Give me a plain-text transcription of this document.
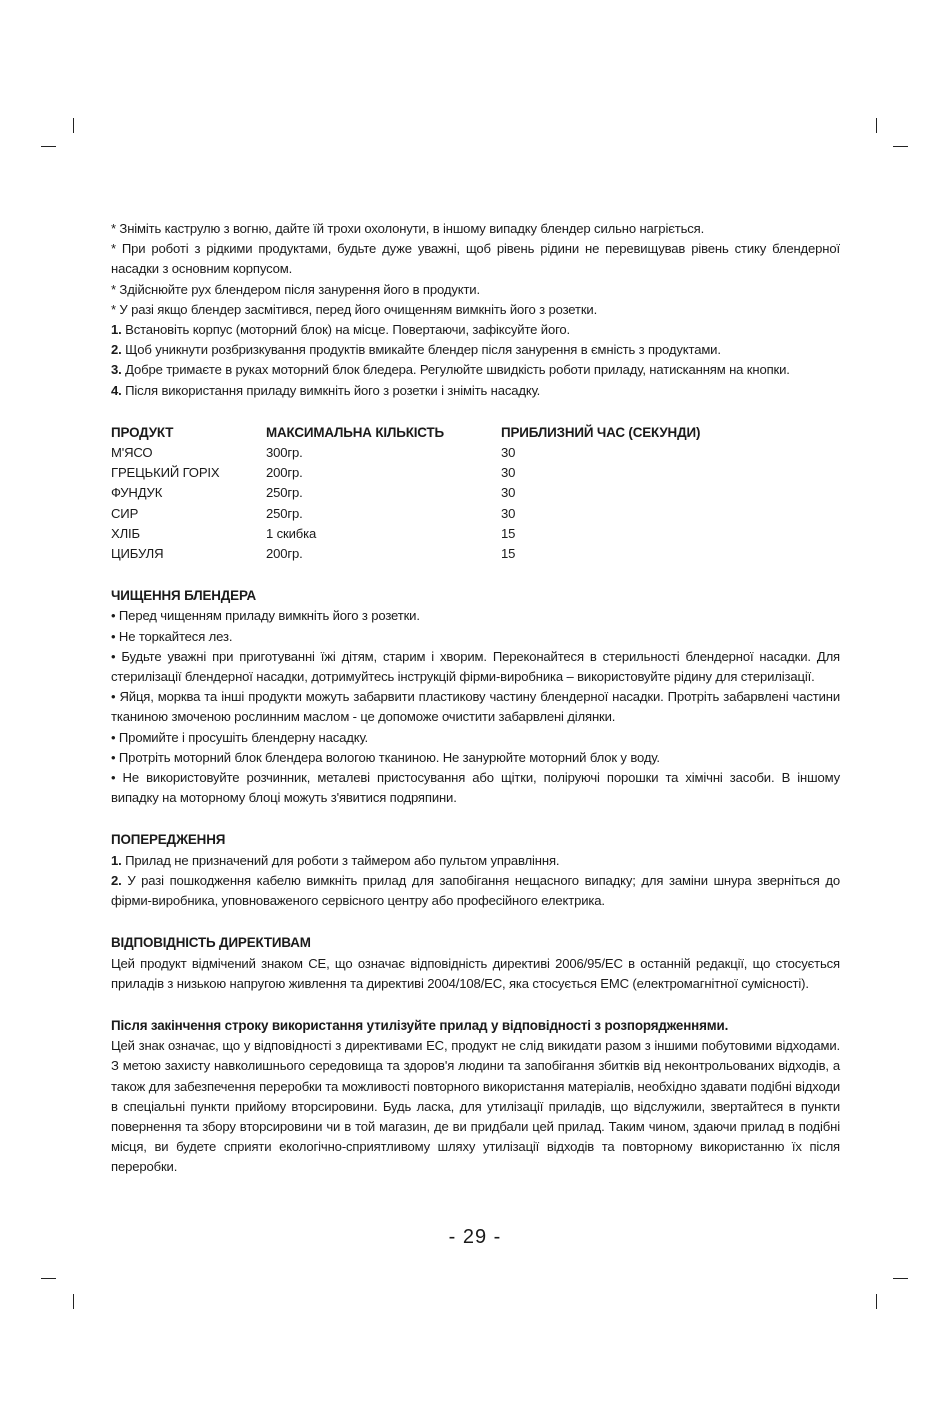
* Зніміть каструлю з вогню, дайте їй трохи охолонути, в іншому випадку блендер сильно нагріється.

* При роботі з рідкими продуктами, будьте дуже уважні, щоб рівень рідини не перевищував рівень стику блендерної насадки з основним корпусом.

* Здійснюйте рух блендером після занурення його в продукти.

* У разі якщо блендер засмітився, перед його очищенням вимкніть його з розетки.

1. Встановіть корпус (моторний блок) на місце. Повертаючи, зафіксуйте його.

2. Щоб уникнути розбризкування продуктів вмикайте блендер після занурення в ємність з продуктами.

3. Добре тримаєте в руках моторний блок бледера. Регулюйте швидкість роботи приладу, натисканням на кнопки.

4. Після використання приладу вимкніть його з розетки і зніміть насадку.

ПРОДУКТ	МАКСИМАЛЬНА КІЛЬКІСТЬ	ПРИБЛИЗНИЙ ЧАС (СЕКУНДИ)
М'ЯСО	300гр.	30
ГРЕЦЬКИЙ ГОРІХ	200гр.	30
ФУНДУК	250гр.	30
СИР	250гр.	30
ХЛІБ	1 скибка	15
ЦИБУЛЯ	200гр.	15

ЧИЩЕННЯ БЛЕНДЕРА

• Перед чищенням приладу вимкніть його з розетки.

• Не торкайтеся лез.

• Будьте уважні при приготуванні їжі дітям, старим і хворим. Переконайтеся в стерильності блендерної насадки. Для стерилізації блендерної насадки, дотримуйтесь інструкцій фірми-виробника – використовуйте рідину для стерилізації.

• Яйця, морква та інші продукти можуть забарвити пластикову частину блендерної насадки. Протріть забарвлені частини тканиною змоченою рослинним маслом - це допоможе очистити забарвлені ділянки.

• Промийте і просушіть блендерну насадку.

• Протріть моторний блок блендера вологою тканиною. Не занурюйте моторний блок у воду.

• Не використовуйте розчинник, металеві пристосування або щітки, поліруючі порошки та хімічні засоби. В іншому випадку на моторному блоці можуть з'явитися подряпини.

ПОПЕРЕДЖЕННЯ

1. Прилад не призначений для роботи з таймером або пультом управління.

2. У разі пошкодження кабелю вимкніть прилад для запобігання нещасного випадку; для заміни шнура зверніться до фірми-виробника, уповноваженого сервісного центру або професійного електрика.

ВІДПОВІДНІСТЬ ДИРЕКТИВАМ

Цей продукт відмічений знаком СЕ, що означає відповідність директиві 2006/95/ЕС в останній редакції, що стосується приладів з низькою напругою живлення та директиві 2004/108/ЕС, яка стосується ЕМС (електромагнітної сумісності).

Після закінчення строку використання утилізуйте прилад у відповідності з розпорядженнями.

Цей знак означає, що у відповідності з директивами ЕС, продукт не слід викидати разом з іншими побутовими відходами. З метою захисту навколишнього середовища та здоров'я людини та запобігання збитків від неконтрольованих відходів, а також для забезпечення переробки та можливості повторного використання матеріалів, необхідно здавати подібні відходи в спеціальні пункти прийому вторсировини. Будь ласка, для утилізації приладів, що відслужили, звертайтеся в пункти повернення та збору вторсировини чи в той магазин, де ви придбали цей прилад. Таким чином, здаючи прилад в подібні місця, ви будете сприяти екологічно-сприятливому шляху утилізації відходів та повторному використанню їх після переробки.

- 29 -
